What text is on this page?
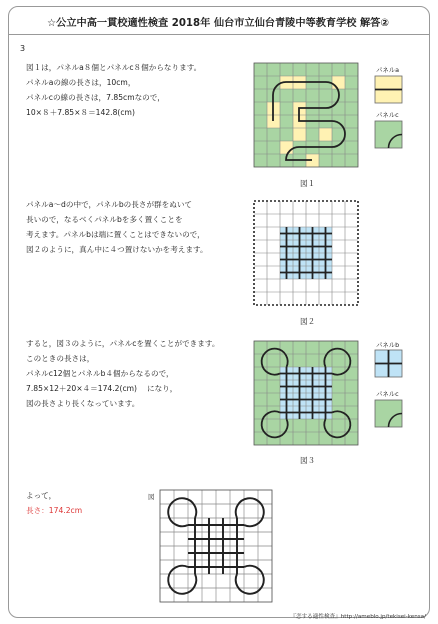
☆公立中高一貫校適性検査 2018年 仙台市立仙台青陵中等教育学校 解答②
3
図１は，パネルa８個とパネルc８個からなります。
パネルaの線の長さは，10cm，
パネルcの線の長さは，7.85cmなので，
10×８＋7.85×８＝142.8(cm)
パネルa
パネルc
図１
パネルa〜dの中で，パネルbの長さが群をぬいて
長いので，なるべくパネルbを多く置くことを
考えます。パネルbは端に置くことはできないので，
図２のように，真ん中に４つ置けないかを考えます。
図２
すると，図３のように，パネルcを置くことができます。
このときの長さは，
パネルc12個とパネルb４個からなるので，
7.85×12＋20×４＝174.2(cm)　 になり，
図の長さより長くなっています。
パネルb
パネルc
図３
よって，
長さ：174.2cm
図
『恋する適性検査』http://ameblo.jp/tekisei-kensa/
